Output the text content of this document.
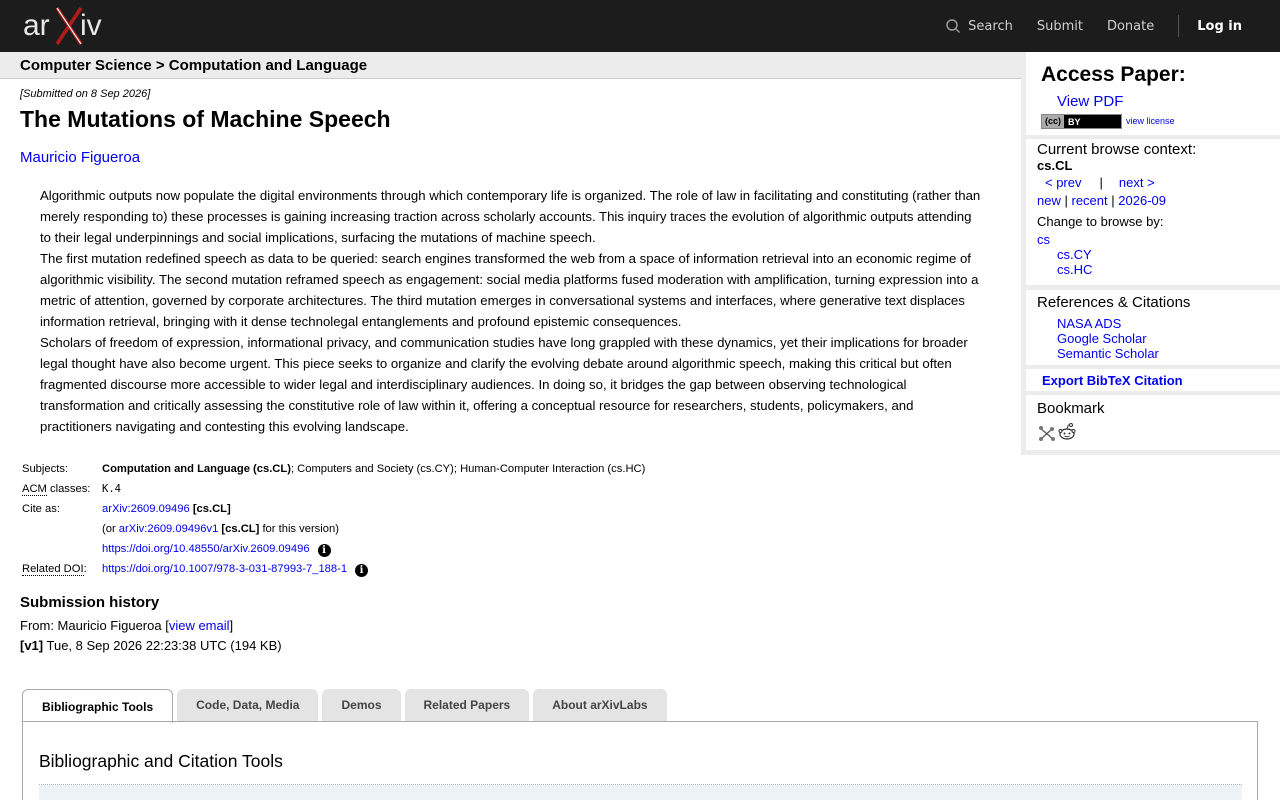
ar iv	Search Submit Donate	Log in
Computer Science > Computation and Language
[Submitted on 8 Sep 2026]
The Mutations of Machine Speech
Mauricio Figueroa

Algorithmic outputs now populate the digital environments through which contemporary life is organized. The role of law in facilitating and constituting (rather than merely responding to) these processes is gaining increasing traction across scholarly accounts. This inquiry traces the evolution of algorithmic outputs attending to their legal underpinnings and social implications, surfacing the mutations of machine speech.

The first mutation redefined speech as data to be queried: search engines transformed the web from a space of information retrieval into an economic regime of algorithmic visibility. The second mutation reframed speech as engagement: social media platforms fused moderation with amplification, turning expression into a metric of attention, governed by corporate architectures. The third mutation emerges in conversational systems and interfaces, where generative text displaces information retrieval, bringing with it dense technolegal entanglements and profound epistemic consequences.

Scholars of freedom of expression, informational privacy, and communication studies have long grappled with these dynamics, yet their implications for broader legal thought have also become urgent. This piece seeks to organize and clarify the evolving debate around algorithmic speech, making this critical but often fragmented discourse more accessible to wider legal and interdisciplinary audiences. In doing so, it bridges the gap between observing technological transformation and critically assessing the constitutive role of law within it, offering a conceptual resource for researchers, students, policymakers, and practitioners navigating and contesting this evolving landscape.

Subjects:	Computation and Language (cs.CL); Computers and Society (cs.CY); Human-Computer Interaction (cs.HC)
ACM classes:	K.4
Cite as:	arXiv:2609.09496 [cs.CL]
	(or arXiv:2609.09496v1 [cs.CL] for this version)
	https://doi.org/10.48550/arXiv.2609.09496 i
Related DOI:	https://doi.org/10.1007/978-3-031-87993-7_188-1 i
Submission history
From: Mauricio Figueroa [view email]
[v1] Tue, 8 Sep 2026 22:23:38 UTC (194 KB)
Bibliographic Tools	Code, Data, Media	Demos	Related Papers	About arXivLabs
Bibliographic and Citation Tools
Access Paper:
View PDF
(cc) BY	view license
Current browse context:
cs.CL
< prev | next >
new | recent | 2026-09
Change to browse by:
cs
cs.CY
cs.HC
References & Citations
NASA ADS
Google Scholar
Semantic Scholar
Export BibTeX Citation
Bookmark
